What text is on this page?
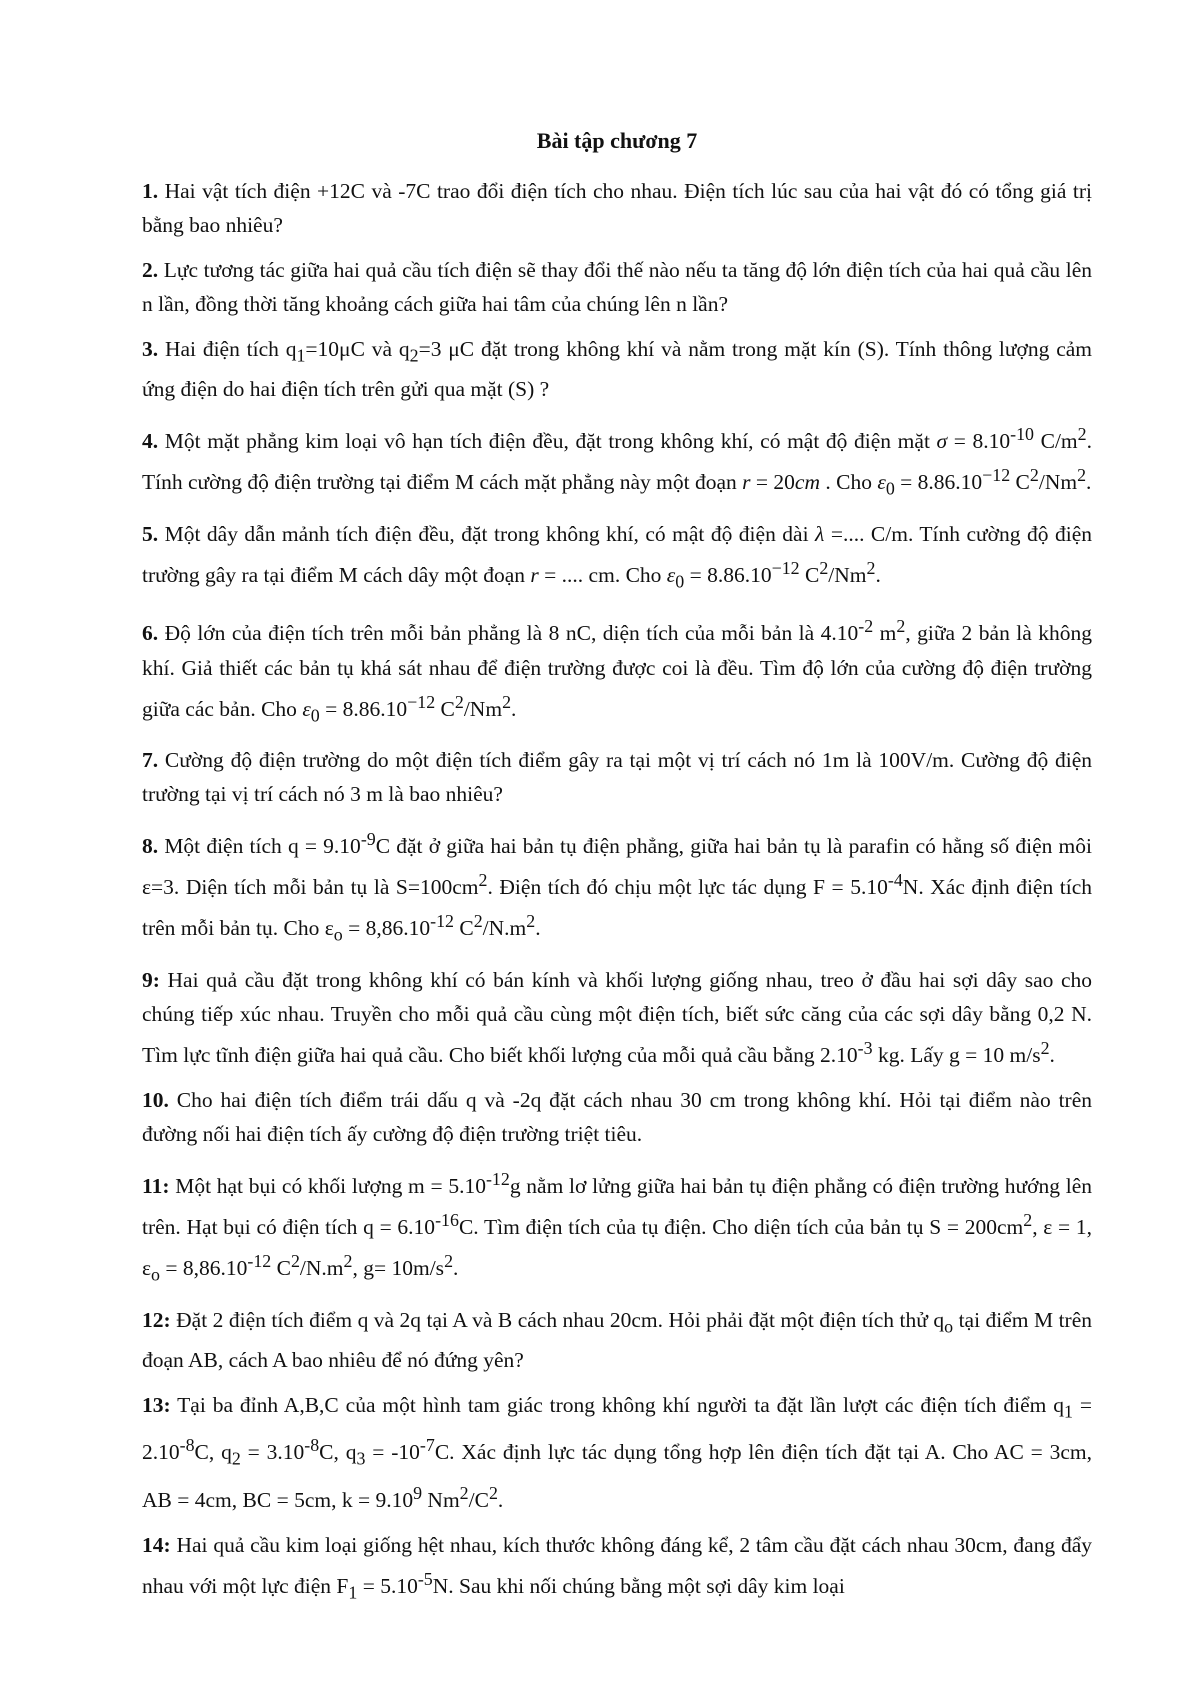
Bài tập chương 7

1. Hai vật tích điện +12C và -7C trao đổi điện tích cho nhau. Điện tích lúc sau của hai vật đó có tổng giá trị bằng bao nhiêu?

2. Lực tương tác giữa hai quả cầu tích điện sẽ thay đổi thế nào nếu ta tăng độ lớn điện tích của hai quả cầu lên n lần, đồng thời tăng khoảng cách giữa hai tâm của chúng lên n lần?

3. Hai điện tích $q_1=10\mu C$ và $q_2=3$ μC đặt trong không khí và nằm trong mặt kín (S). Tính thông lượng cảm ứng điện do hai điện tích trên gửi qua mặt (S) ?

4. Một mặt phẳng kim loại vô hạn tích điện đều, đặt trong không khí, có mật độ điện mặt $\sigma = 8.10^{-10}$ $C/m^2$. Tính cường độ điện trường tại điểm M cách mặt phẳng này một đoạn r = 20cm . Cho $\varepsilon_0 = 8.86.10^{-12}$ $C^2/Nm^2$.

5. Một dây dẫn mảnh tích điện đều, đặt trong không khí, có mật độ điện dài λ =.... C/m. Tính cường độ điện trường gây ra tại điểm M cách dây một đoạn r = .... cm. Cho $\varepsilon_0 = 8.86.10^{-12}$ $C^2/Nm^2$.

6. Độ lớn của điện tích trên mỗi bản phẳng là 8 nC, diện tích của mỗi bản là $4.10^{-2}$ $m^2$, giữa 2 bản là không khí. Giả thiết các bản tụ khá sát nhau để điện trường được coi là đều. Tìm độ lớn của cường độ điện trường giữa các bản. Cho $\varepsilon_0 = 8.86.10^{-12}$ $C^2/Nm^2$.

7. Cường độ điện trường do một điện tích điểm gây ra tại một vị trí cách nó 1m là 100V/m. Cường độ điện trường tại vị trí cách nó 3 m là bao nhiêu?

8. Một điện tích $q = 9.10^{-9}C$ đặt ở giữa hai bản tụ điện phẳng, giữa hai bản tụ là parafin có hằng số điện môi ε=3. Diện tích mỗi bản tụ là $S=100cm^2$. Điện tích đó chịu một lực tác dụng $F = 5.10^{-4}N$. Xác định điện tích trên mỗi bản tụ. Cho $\varepsilon_o = 8,86.10^{-12}$ $C^2/N.m^2$.

9: Hai quả cầu đặt trong không khí có bán kính và khối lượng giống nhau, treo ở đầu hai sợi dây sao cho chúng tiếp xúc nhau. Truyền cho mỗi quả cầu cùng một điện tích, biết sức căng của các sợi dây bằng 0,2 N. Tìm lực tĩnh điện giữa hai quả cầu. Cho biết khối lượng của mỗi quả cầu bằng $2.10^{-3}$ kg. Lấy g = 10 $m/s^2$.

10. Cho hai điện tích điểm trái dấu q và -2q đặt cách nhau 30 cm trong không khí. Hỏi tại điểm nào trên đường nối hai điện tích ấy cường độ điện trường triệt tiêu.

11: Một hạt bụi có khối lượng $m = 5.10^{-12}g$ nằm lơ lửng giữa hai bản tụ điện phẳng có điện trường hướng lên trên. Hạt bụi có điện tích $q = 6.10^{-16}C$. Tìm điện tích của tụ điện. Cho diện tích của bản tụ $S = 200cm^2$, ε = 1, $\varepsilon_o = 8,86.10^{-12}$ $C^2/N.m^2$, $g= 10m/s^2$.

12: Đặt 2 điện tích điểm q và 2q tại A và B cách nhau 20cm. Hỏi phải đặt một điện tích thử $q_o$ tại điểm M trên đoạn AB, cách A bao nhiêu để nó đứng yên?

13: Tại ba đỉnh A,B,C của một hình tam giác trong không khí người ta đặt lần lượt các điện tích điểm $q_1 = 2.10^{-8}C$, $q_2 = 3.10^{-8}C$, $q_3 = -10^{-7}C$. Xác định lực tác dụng tổng hợp lên điện tích đặt tại A. Cho AC = 3cm, AB = 4cm, BC = 5cm, $k = 9.10^9$ $Nm^2/C^2$.

14: Hai quả cầu kim loại giống hệt nhau, kích thước không đáng kể, 2 tâm cầu đặt cách nhau 30cm, đang đẩy nhau với một lực điện $F_1 = 5.10^{-5}N$. Sau khi nối chúng bằng một sợi dây kim loại
